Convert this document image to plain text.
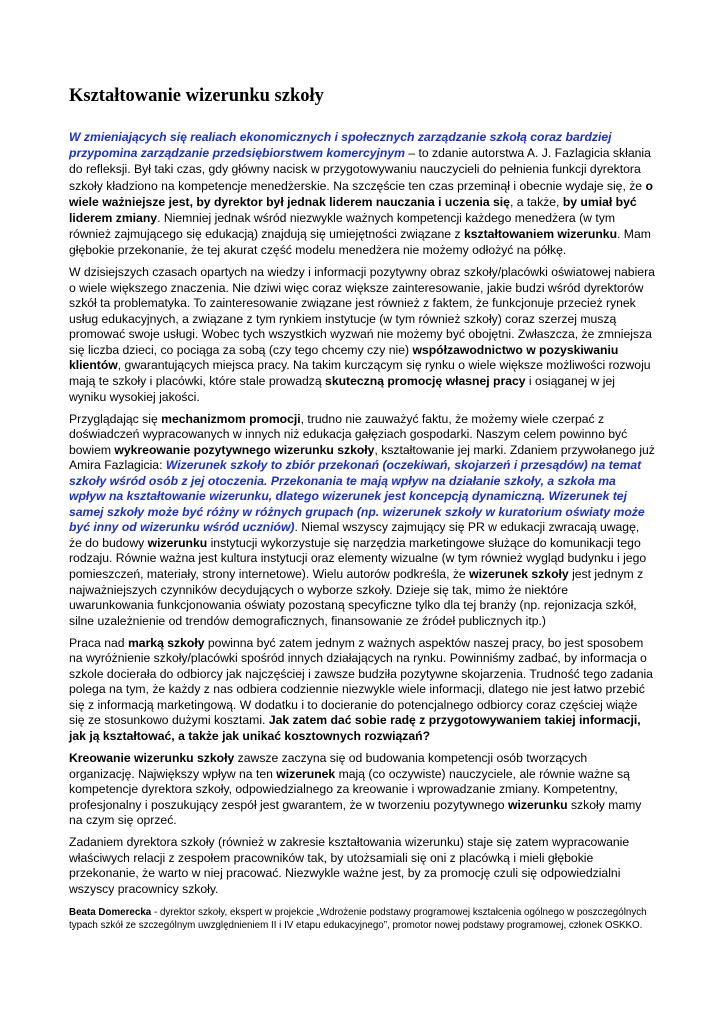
Kształtowanie wizerunku szkoły

W zmieniających się realiach ekonomicznych i społecznych zarządzanie szkołą coraz bardziej przypomina zarządzanie przedsiębiorstwem komercyjnym – to zdanie autorstwa A. J. Fazlagicia skłania do refleksji. Był taki czas, gdy główny nacisk w przygotowywaniu nauczycieli do pełnienia funkcji dyrektora szkoły kładziono na kompetencje menedżerskie. Na szczęście ten czas przeminął i obecnie wydaje się, że o wiele ważniejsze jest, by dyrektor był jednak liderem nauczania i uczenia się, a także, by umiał być liderem zmiany. Niemniej jednak wśród niezwykle ważnych kompetencji każdego menedżera (w tym również zajmującego się edukacją) znajdują się umiejętności związane z kształtowaniem wizerunku. Mam głębokie przekonanie, że tej akurat część modelu menedżera nie możemy odłożyć na półkę.

W dzisiejszych czasach opartych na wiedzy i informacji pozytywny obraz szkoły/placówki oświatowej nabiera o wiele większego znaczenia. Nie dziwi więc coraz większe zainteresowanie, jakie budzi wśród dyrektorów szkół ta problematyka. To zainteresowanie związane jest również z faktem, że funkcjonuje przecież rynek usług edukacyjnych, a związane z tym rynkiem instytucje (w tym również szkoły) coraz szerzej muszą promować swoje usługi. Wobec tych wszystkich wyzwań nie możemy być obojętni. Zwłaszcza, że zmniejsza się liczba dzieci, co pociąga za sobą (czy tego chcemy czy nie) współzawodnictwo w pozyskiwaniu klientów, gwarantujących miejsca pracy. Na takim kurczącym się rynku o wiele większe możliwości rozwoju mają te szkoły i placówki, które stale prowadzą skuteczną promocję własnej pracy i osiąganej w jej wyniku wysokiej jakości.

Przyglądając się mechanizmom promocji, trudno nie zauważyć faktu, że możemy wiele czerpać z doświadczeń wypracowanych w innych niż edukacja gałęziach gospodarki. Naszym celem powinno być bowiem wykreowanie pozytywnego wizerunku szkoły, kształtowanie jej marki. Zdaniem przywołanego już Amira Fazlagicia: Wizerunek szkoły to zbiór przekonań (oczekiwań, skojarzeń i przesądów) na temat szkoły wśród osób z jej otoczenia. Przekonania te mają wpływ na działanie szkoły, a szkoła ma wpływ na kształtowanie wizerunku, dlatego wizerunek jest koncepcją dynamiczną. Wizerunek tej samej szkoły może być różny w różnych grupach (np. wizerunek szkoły w kuratorium oświaty może być inny od wizerunku wśród uczniów). Niemal wszyscy zajmujący się PR w edukacji zwracają uwagę, że do budowy wizerunku instytucji wykorzystuje się narzędzia marketingowe służące do komunikacji tego rodzaju. Równie ważna jest kultura instytucji oraz elementy wizualne (w tym również wygląd budynku i jego pomieszczeń, materiały, strony internetowe). Wielu autorów podkreśla, że wizerunek szkoły jest jednym z najważniejszych czynników decydujących o wyborze szkoły. Dzieje się tak, mimo że niektóre uwarunkowania funkcjonowania oświaty pozostaną specyficzne tylko dla tej branży (np. rejonizacja szkół, silne uzależnienie od trendów demograficznych, finansowanie ze źródeł publicznych itp.)

Praca nad marką szkoły powinna być zatem jednym z ważnych aspektów naszej pracy, bo jest sposobem na wyróżnienie szkoły/placówki spośród innych działających na rynku. Powinniśmy zadbać, by informacja o szkole docierała do odbiorcy jak najczęściej i zawsze budziła pozytywne skojarzenia. Trudność tego zadania polega na tym, że każdy z nas odbiera codziennie niezwykle wiele informacji, dlatego nie jest łatwo przebić się z informacją marketingową. W dodatku i to docieranie do potencjalnego odbiorcy coraz częściej wiąże się ze stosunkowo dużymi kosztami. Jak zatem dać sobie radę z przygotowywaniem takiej informacji, jak ją kształtować, a także jak unikać kosztownych rozwiązań?

Kreowanie wizerunku szkoły zawsze zaczyna się od budowania kompetencji osób tworzących organizację. Największy wpływ na ten wizerunek mają (co oczywiste) nauczyciele, ale równie ważne są kompetencje dyrektora szkoły, odpowiedzialnego za kreowanie i wprowadzanie zmiany. Kompetentny, profesjonalny i poszukujący zespół jest gwarantem, że w tworzeniu pozytywnego wizerunku szkoły mamy na czym się oprzeć.

Zadaniem dyrektora szkoły (również w zakresie kształtowania wizerunku) staje się zatem wypracowanie właściwych relacji z zespołem pracowników tak, by utożsamiali się oni z placówką i mieli głębokie przekonanie, że warto w niej pracować. Niezwykle ważne jest, by za promocję czuli się odpowiedzialni wszyscy pracownicy szkoły.

Beata Domerecka - dyrektor szkoły, ekspert w projekcie „Wdrożenie podstawy programowej kształcenia ogólnego w poszczególnych typach szkół ze szczególnym uwzględnieniem II i IV etapu edukacyjnego”, promotor nowej podstawy programowej, członek OSKKO.
